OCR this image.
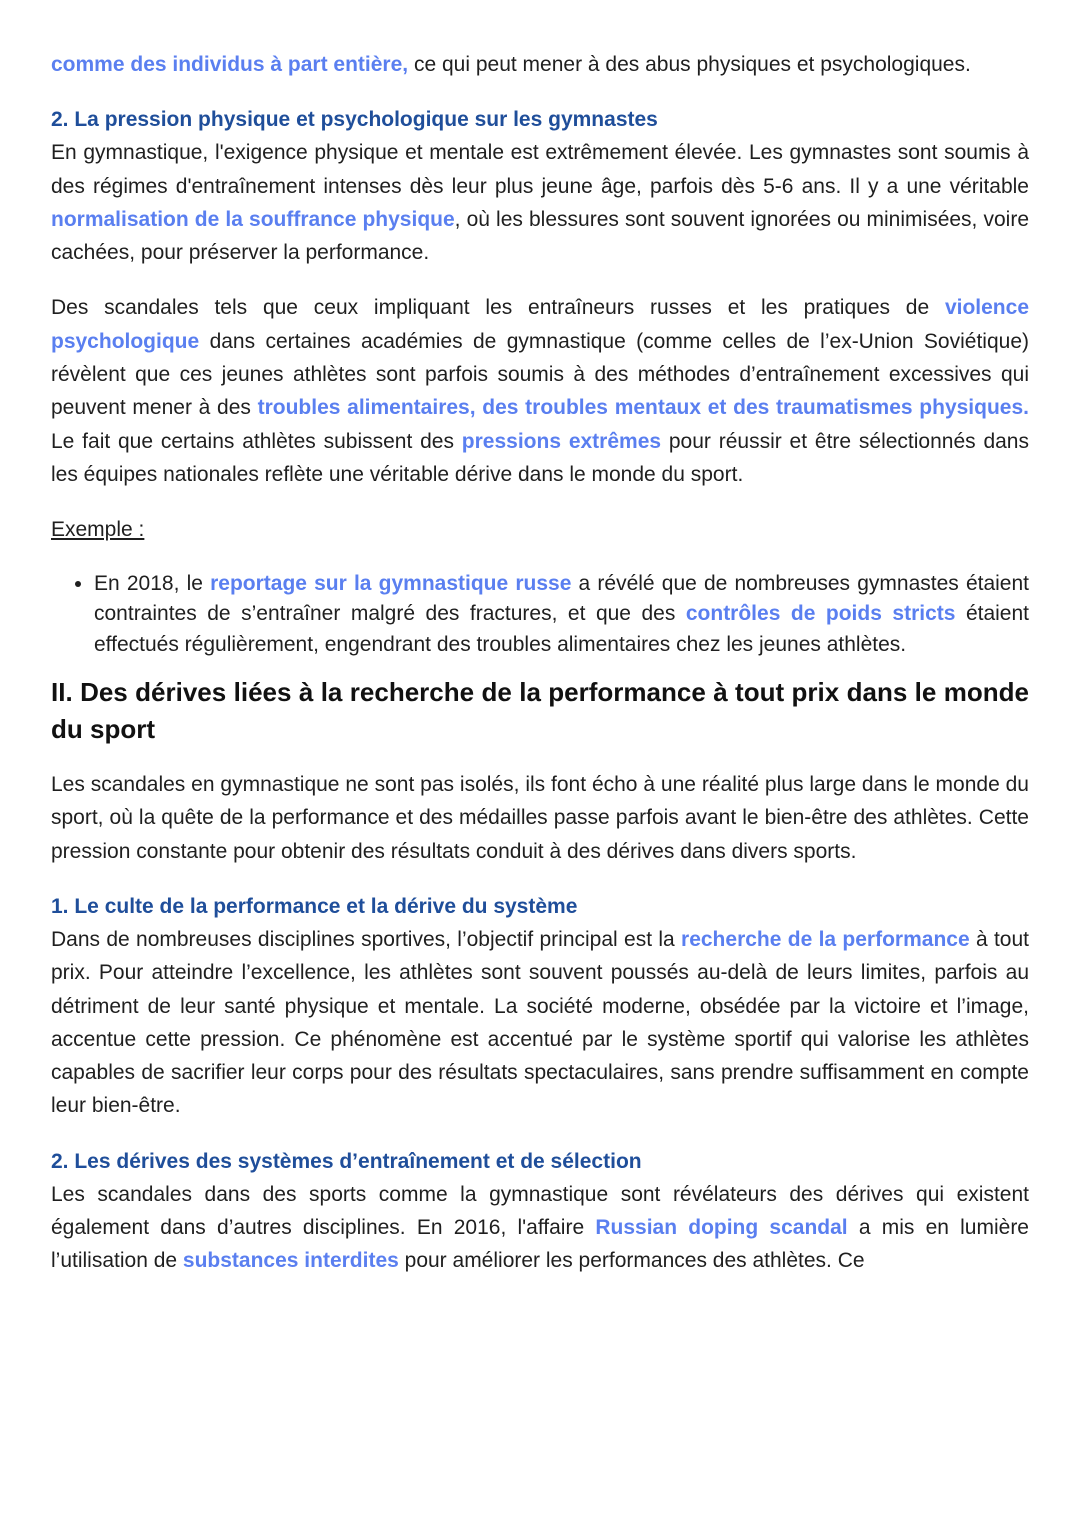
comme des individus à part entière, ce qui peut mener à des abus physiques et psychologiques.

2. La pression physique et psychologique sur les gymnastes

En gymnastique, l'exigence physique et mentale est extrêmement élevée. Les gymnastes sont soumis à des régimes d'entraînement intenses dès leur plus jeune âge, parfois dès 5-6 ans. Il y a une véritable normalisation de la souffrance physique, où les blessures sont souvent ignorées ou minimisées, voire cachées, pour préserver la performance.

Des scandales tels que ceux impliquant les entraîneurs russes et les pratiques de violence psychologique dans certaines académies de gymnastique (comme celles de l’ex-Union Soviétique) révèlent que ces jeunes athlètes sont parfois soumis à des méthodes d’entraînement excessives qui peuvent mener à des troubles alimentaires, des troubles mentaux et des traumatismes physiques. Le fait que certains athlètes subissent des pressions extrêmes pour réussir et être sélectionnés dans les équipes nationales reflète une véritable dérive dans le monde du sport.

Exemple :

• En 2018, le reportage sur la gymnastique russe a révélé que de nombreuses gymnastes étaient contraintes de s’entraîner malgré des fractures, et que des contrôles de poids stricts étaient effectués régulièrement, engendrant des troubles alimentaires chez les jeunes athlètes.
II. Des dérives liées à la recherche de la performance à tout prix dans le monde du sport

Les scandales en gymnastique ne sont pas isolés, ils font écho à une réalité plus large dans le monde du sport, où la quête de la performance et des médailles passe parfois avant le bien-être des athlètes. Cette pression constante pour obtenir des résultats conduit à des dérives dans divers sports.

1. Le culte de la performance et la dérive du système

Dans de nombreuses disciplines sportives, l’objectif principal est la recherche de la performance à tout prix. Pour atteindre l’excellence, les athlètes sont souvent poussés au-delà de leurs limites, parfois au détriment de leur santé physique et mentale. La société moderne, obsédée par la victoire et l’image, accentue cette pression. Ce phénomène est accentué par le système sportif qui valorise les athlètes capables de sacrifier leur corps pour des résultats spectaculaires, sans prendre suffisamment en compte leur bien-être.

2. Les dérives des systèmes d’entraînement et de sélection

Les scandales dans des sports comme la gymnastique sont révélateurs des dérives qui existent également dans d’autres disciplines. En 2016, l'affaire Russian doping scandal a mis en lumière l’utilisation de substances interdites pour améliorer les performances des athlètes. Ce
